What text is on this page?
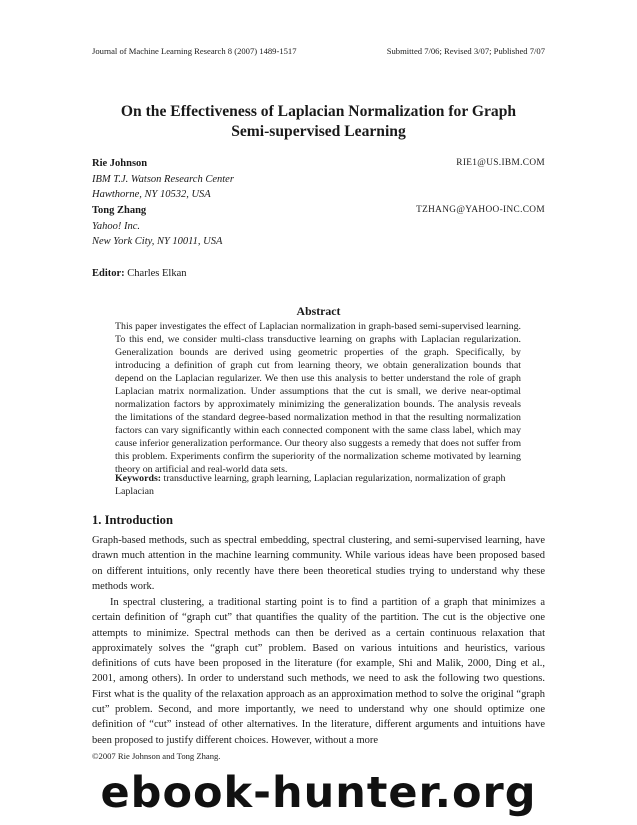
Journal of Machine Learning Research 8 (2007) 1489-1517	Submitted 7/06; Revised 3/07; Published 7/07
On the Effectiveness of Laplacian Normalization for Graph
Semi-supervised Learning
Rie Johnson	RIE1@US.IBM.COM
IBM T.J. Watson Research Center
Hawthorne, NY 10532, USA
Tong Zhang	TZHANG@YAHOO-INC.COM
Yahoo! Inc.
New York City, NY 10011, USA
Editor: Charles Elkan
Abstract
This paper investigates the effect of Laplacian normalization in graph-based semi-supervised learning. To this end, we consider multi-class transductive learning on graphs with Laplacian regularization. Generalization bounds are derived using geometric properties of the graph. Specifically, by introducing a definition of graph cut from learning theory, we obtain generalization bounds that depend on the Laplacian regularizer. We then use this analysis to better understand the role of graph Laplacian matrix normalization. Under assumptions that the cut is small, we derive near-optimal normalization factors by approximately minimizing the generalization bounds. The analysis reveals the limitations of the standard degree-based normalization method in that the resulting normalization factors can vary significantly within each connected component with the same class label, which may cause inferior generalization performance. Our theory also suggests a remedy that does not suffer from this problem. Experiments confirm the superiority of the normalization scheme motivated by learning theory on artificial and real-world data sets.
Keywords: transductive learning, graph learning, Laplacian regularization, normalization of graph Laplacian
1. Introduction
Graph-based methods, such as spectral embedding, spectral clustering, and semi-supervised learning, have drawn much attention in the machine learning community. While various ideas have been proposed based on different intuitions, only recently have there been theoretical studies trying to understand why these methods work.
In spectral clustering, a traditional starting point is to find a partition of a graph that minimizes a certain definition of “graph cut” that quantifies the quality of the partition. The cut is the objective one attempts to minimize. Spectral methods can then be derived as a certain continuous relaxation that approximately solves the “graph cut” problem. Based on various intuitions and heuristics, various definitions of cuts have been proposed in the literature (for example, Shi and Malik, 2000, Ding et al., 2001, among others). In order to understand such methods, we need to ask the following two questions. First what is the quality of the relaxation approach as an approximation method to solve the original “graph cut” problem. Second, and more importantly, we need to understand why one should optimize one definition of “cut” instead of other alternatives. In the literature, different arguments and intuitions have been proposed to justify different choices. However, without a more
©2007 Rie Johnson and Tong Zhang.
ebook-hunter.org
